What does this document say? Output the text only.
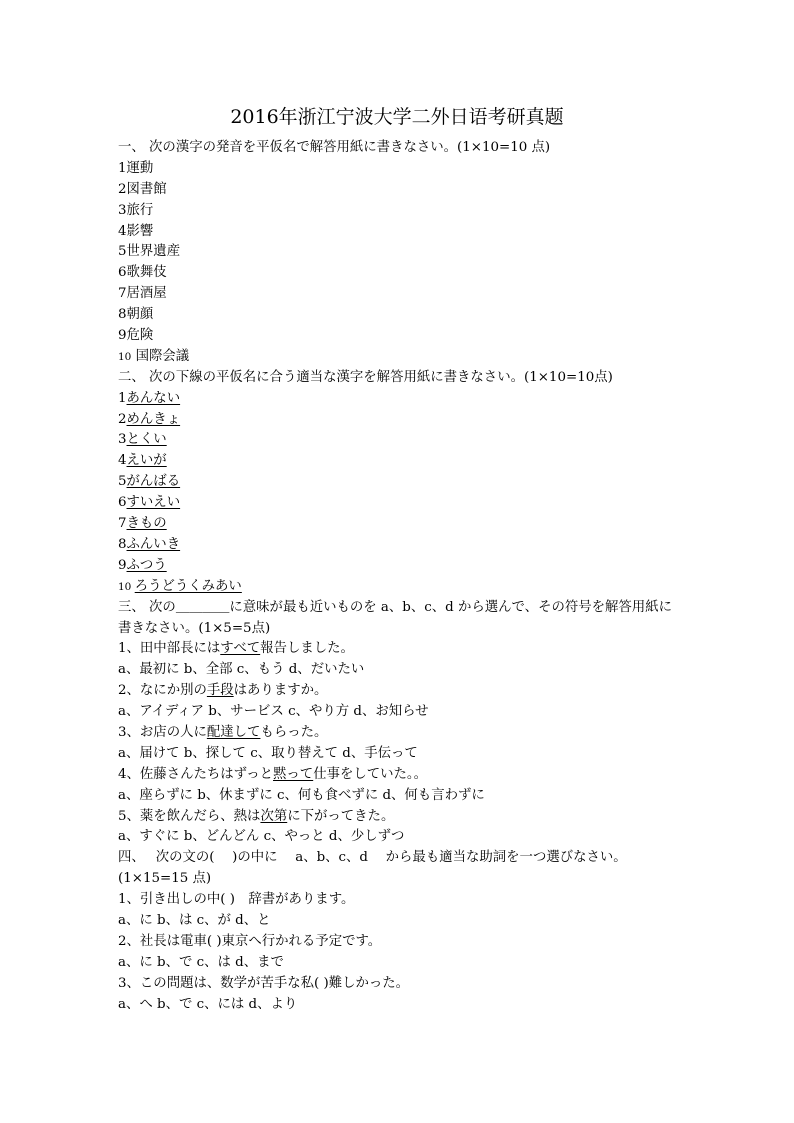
2016年浙江宁波大学二外日语考研真题
一、 次の漢字の発音を平仮名で解答用紙に書きなさい。(1×10=10 点)
1運動
2図書館
3旅行
4影響
5世界遺産
6歌舞伎
7居酒屋
8朝顔
9危険
10 国際会議
二、 次の下線の平仮名に合う適当な漢字を解答用紙に書きなさい。(1×10=10点)
1あんない
2めんきょ
3とくい
4えいが
5がんばる
6すいえい
7きもの
8ふんいき
9ふつう
10 ろうどうくみあい
三、 次の＿＿＿＿に意味が最も近いものを a、b、c、d から選んで、その符号を解答用紙に書きなさい。(1×5=5点)
1、田中部長にはすべて報告しました。
a、最初に b、全部 c、もう d、だいたい
2、なにか別の手段はありますか。
a、アイディア b、サービス c、やり方 d、お知らせ
3、お店の人に配達してもらった。
a、届けて b、探して c、取り替えて d、手伝って
4、佐藤さんたちはずっと黙って仕事をしていた。。
a、座らずに b、休まずに c、何も食べずに d、何も言わずに
5、薬を飲んだら、熱は次第に下がってきた。
a、すぐに b、どんどん c、やっと d、少しずつ
四、　 次の文の(　 )の中に　 a、b、c、d　 から最も適当な助詞を一つ選びなさい。(1×15=15 点)
1、引き出しの中( )　辞書があります。
a、に b、は c、が d、と
2、社長は電車( )東京へ行かれる予定です。
a、に b、で c、は d、まで
3、この問題は、数学が苦手な私( )難しかった。
a、へ b、で c、には d、より
